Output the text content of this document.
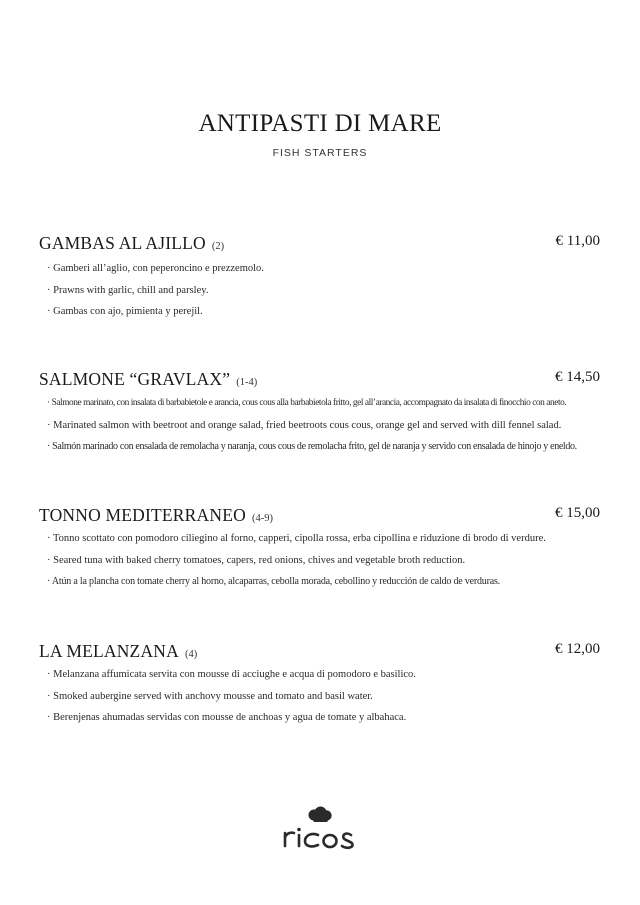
ANTIPASTI DI MARE
FISH STARTERS
GAMBAS AL AJILLO (2)	€ 11,00
· Gamberi all’aglio, con peperoncino e prezzemolo.
· Prawns with garlic, chill and parsley.
· Gambas con ajo, pimienta y perejil.
SALMONE “GRAVLAX” (1-4)	€ 14,50
· Salmone marinato, con insalata di barbabietole e arancia, cous cous alla barbabietola fritto, gel all’arancia, accompagnato da insalata di finocchio con aneto.
· Marinated salmon with beetroot and orange salad, fried beetroots cous cous, orange gel and served with dill fennel salad.
· Salmón marinado con ensalada de remolacha y naranja, cous cous de remolacha frito, gel de naranja y servido con ensalada de hinojo y eneldo.
TONNO MEDITERRANEO (4-9)	€ 15,00
· Tonno scottato con pomodoro ciliegino al forno, capperi, cipolla rossa, erba cipollina e riduzione di brodo di verdure.
· Seared tuna with baked cherry tomatoes, capers, red onions, chives and vegetable broth reduction.
· Atún a la plancha con tomate cherry al horno, alcaparras, cebolla morada, cebollino y reducción de caldo de verduras.
LA MELANZANA (4)	€ 12,00
· Melanzana affumicata servita con mousse di acciughe e acqua di pomodoro e basilico.
· Smoked aubergine served with anchovy mousse and tomato and basil water.
· Berenjenas ahumadas servidas con mousse de anchoas y agua de tomate y albahaca.
